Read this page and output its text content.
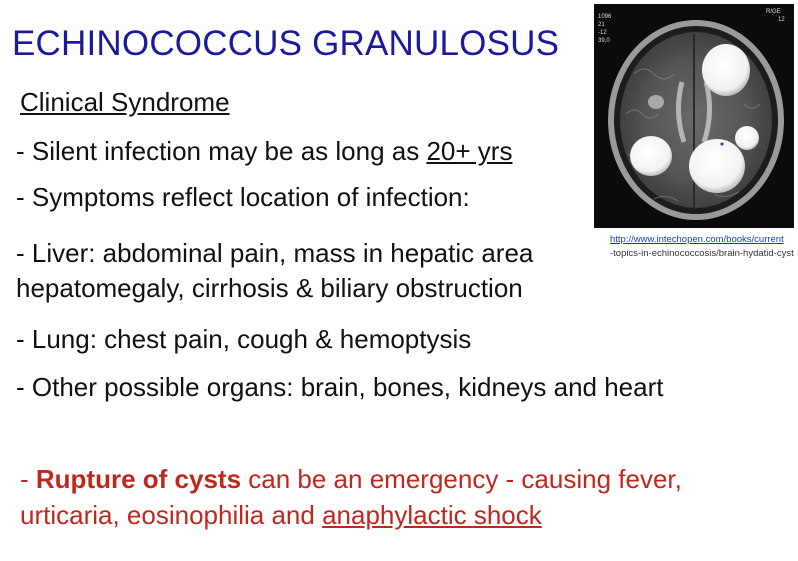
ECHINOCOCCUS GRANULOSUS
Clinical Syndrome
- Silent infection may be as long as 20+ yrs
- Symptoms reflect location of infection:
- Liver: abdominal pain, mass in hepatic area
hepatomegaly, cirrhosis & biliary obstruction
- Lung: chest pain, cough & hemoptysis
- Other possible organs: brain, bones, kidneys and heart
- Rupture of cysts can be an emergency - causing fever,
urticaria, eosinophilia and anaphylactic shock
1096
21
-12
39,0
R/GE
12
http://www.intechopen.com/books/current
-topics-in-echinococcosis/brain-hydatid-cyst
